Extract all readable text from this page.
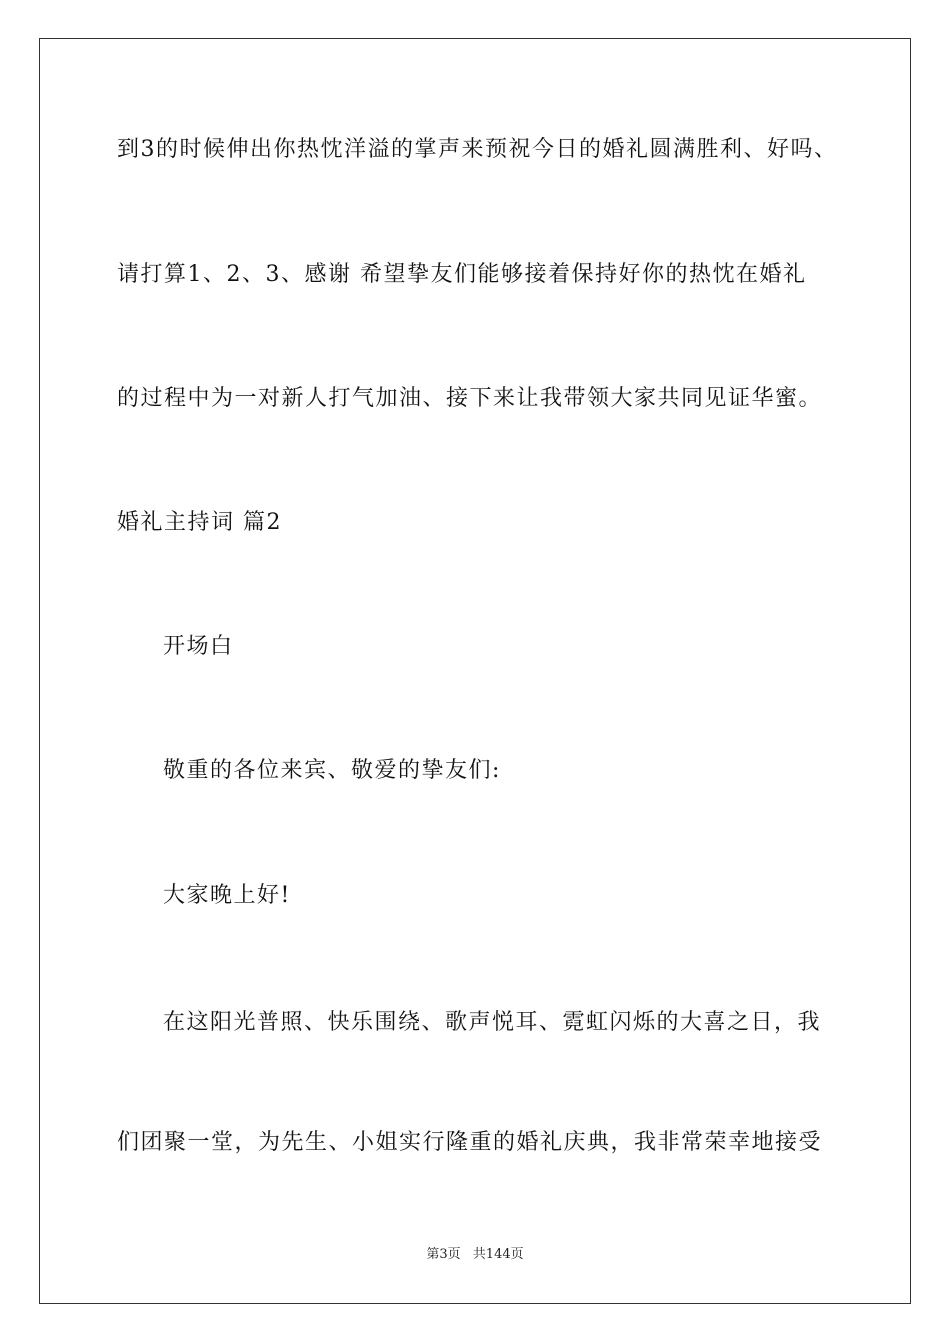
到3的时候伸出你热忱洋溢的掌声来预祝今日的婚礼圆满胜利、好吗、
请打算1、2、3、感谢 希望挚友们能够接着保持好你的热忱在婚礼
的过程中为一对新人打气加油、接下来让我带领大家共同见证华蜜。
婚礼主持词 篇2
开场白
敬重的各位来宾、敬爱的挚友们:
大家晚上好!
在这阳光普照、快乐围绕、歌声悦耳、霓虹闪烁的大喜之日，我
们团聚一堂，为先生、小姐实行隆重的婚礼庆典，我非常荣幸地接受
第3页 共144页
